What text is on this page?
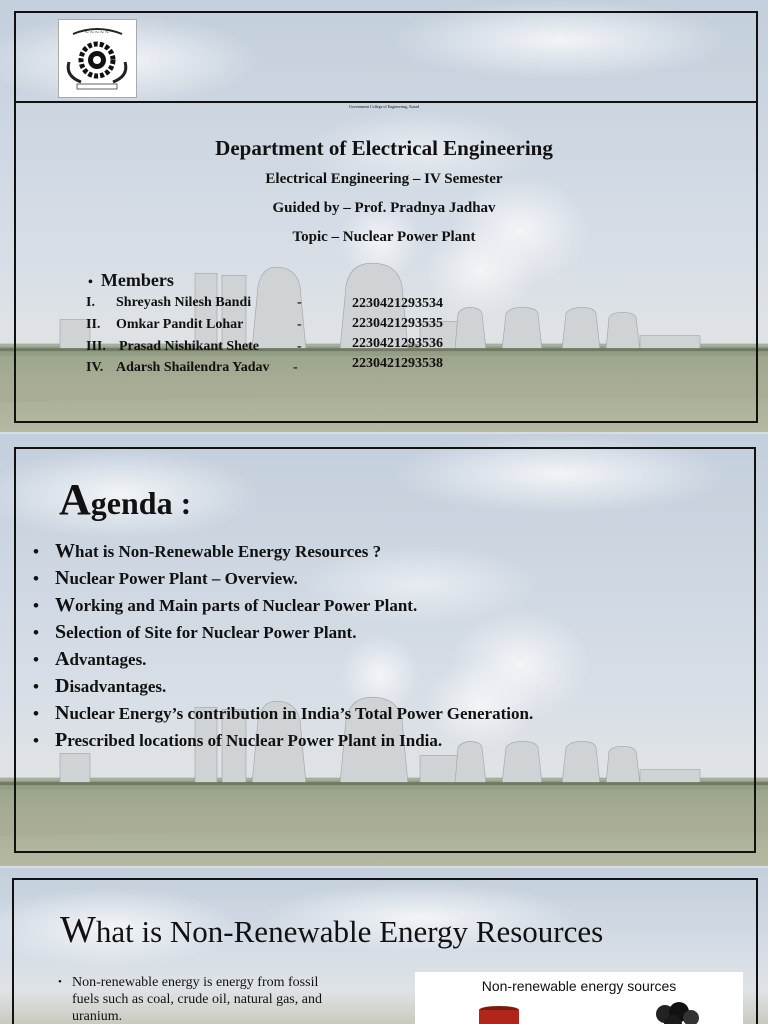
~~~~~
Government College of Engineering, Karad
Department of Electrical Engineering
Electrical Engineering – IV Semester
Guided by – Prof. Pradnya Jadhav
Topic – Nuclear Power Plant
• Members
I. Shreyash Nilesh Bandi	-	2230421293534
II. Omkar Pandit Lohar	-	2230421293535
III. Prasad Nishikant Shete	-	2230421293536
IV. Adarsh Shailendra Yadav -	2230421293538
Agenda :
• What is Non-Renewable Energy Resources ?
• Nuclear Power Plant – Overview.
• Working and Main parts of Nuclear Power Plant.
• Selection of Site for Nuclear Power Plant.
• Advantages.
• Disadvantages.
• Nuclear Energy’s contribution in India’s Total Power Generation.
• Prescribed locations of Nuclear Power Plant in India.
What is Non-Renewable Energy Resources
• Non-renewable energy is energy from fossil
fuels such as coal, crude oil, natural gas, and
uranium.
Non-renewable energy sources
